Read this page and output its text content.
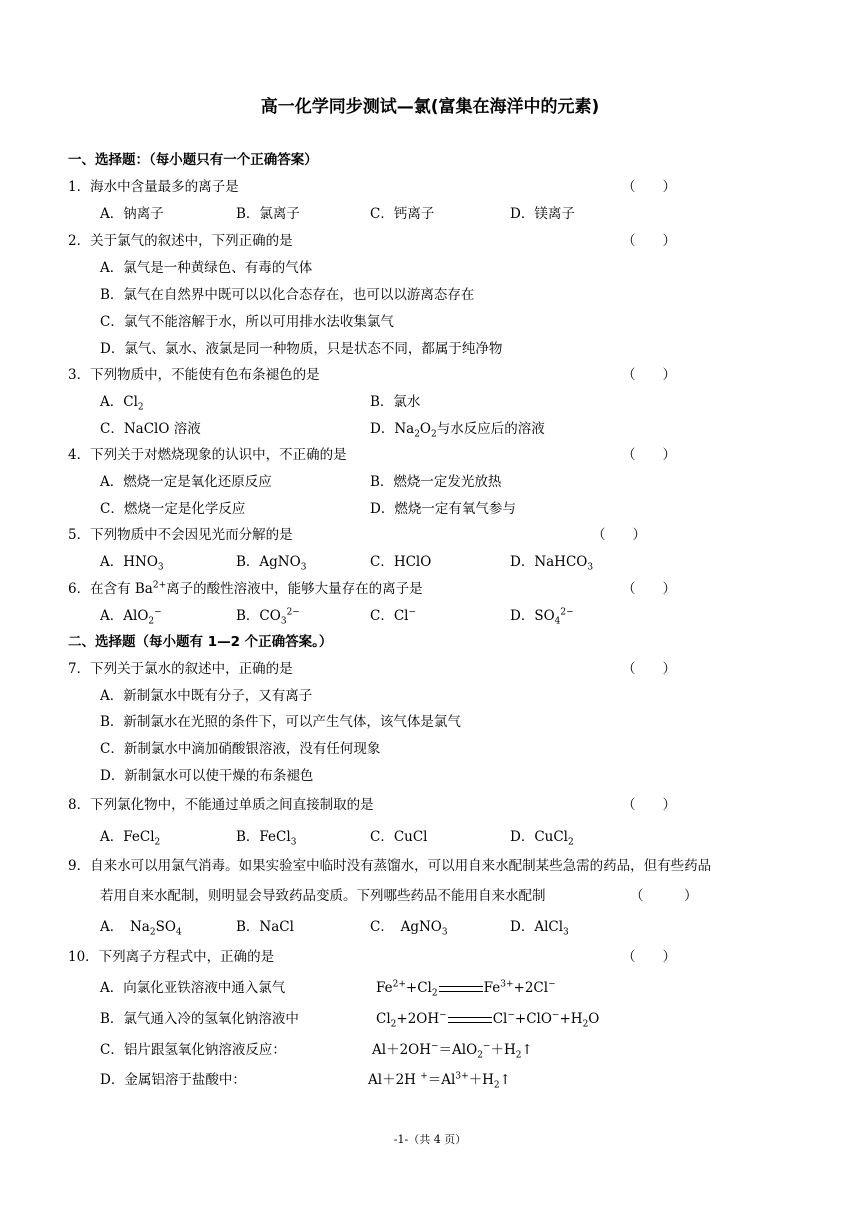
高一化学同步测试—氯(富集在海洋中的元素)
一、选择题：（每小题只有一个正确答案）
1．海水中含量最多的离子是	（　　）
A．钠离子	B．氯离子	C．钙离子	D．镁离子
2．关于氯气的叙述中，下列正确的是	（　　）
A．氯气是一种黄绿色、有毒的气体
B．氯气在自然界中既可以以化合态存在，也可以以游离态存在
C．氯气不能溶解于水，所以可用排水法收集氯气
D．氯气、氯水、液氯是同一种物质，只是状态不同，都属于纯净物
3．下列物质中，不能使有色布条褪色的是	（　　）
A．$Cl_2$	B．氯水
C．NaClO 溶液	D．$Na_2O_2$与水反应后的溶液
4．下列关于对燃烧现象的认识中，不正确的是	（　　）
A．燃烧一定是氧化还原反应	B．燃烧一定发光放热
C．燃烧一定是化学反应	D．燃烧一定有氧气参与
5．下列物质中不会因见光而分解的是	（　　）
A．$HNO_3$	B．AgNO$_3$	C．HClO	D．NaHCO$_3$
6．在含有 $Ba^{2+}$离子的酸性溶液中，能够大量存在的离子是	（　　）
A．AlO$_2$−	B．$CO_3^{2-}$	C．Cl−	D．$SO_4^{2-}$
二、选择题（每小题有 1—2 个正确答案。）
7．下列关于氯水的叙述中，正确的是	（　　）
A．新制氯水中既有分子，又有离子
B．新制氯水在光照的条件下，可以产生气体，该气体是氯气
C．新制氯水中滴加硝酸银溶液，没有任何现象
D．新制氯水可以使干燥的布条褪色
8．下列氯化物中，不能通过单质之间直接制取的是	（　　）
A．FeCl$_2$	B．FeCl$_3$	C．CuCl	D．CuCl$_2$
9．自来水可以用氯气消毒。如果实验室中临时没有蒸馏水，可以用自来水配制某些急需的药品，但有些药品
若用自来水配制，则明显会导致药品变质。下列哪些药品不能用自来水配制	（　　　）
A．　$Na_2SO_4$	B．NaCl	C．　AgNO$_3$	D．AlCl$_3$
10．下列离子方程式中，正确的是	（　　）
A．向氯化亚铁溶液中通入氯气	$Fe^{2+}+Cl_2$	$Fe^{3+}+2Cl^-$
B．氯气通入冷的氢氧化钠溶液中	$Cl_2+2OH^-$	$Cl^-+ClO^-+H_2O$
C．铝片跟氢氧化钠溶液反应：	$Al+2OH^-=AlO_2^-+H_2↑$
D．金属铝溶于盐酸中：	Al＋2H $^+=Al^{3+}+H_2↑$
-1-（共 4 页）
